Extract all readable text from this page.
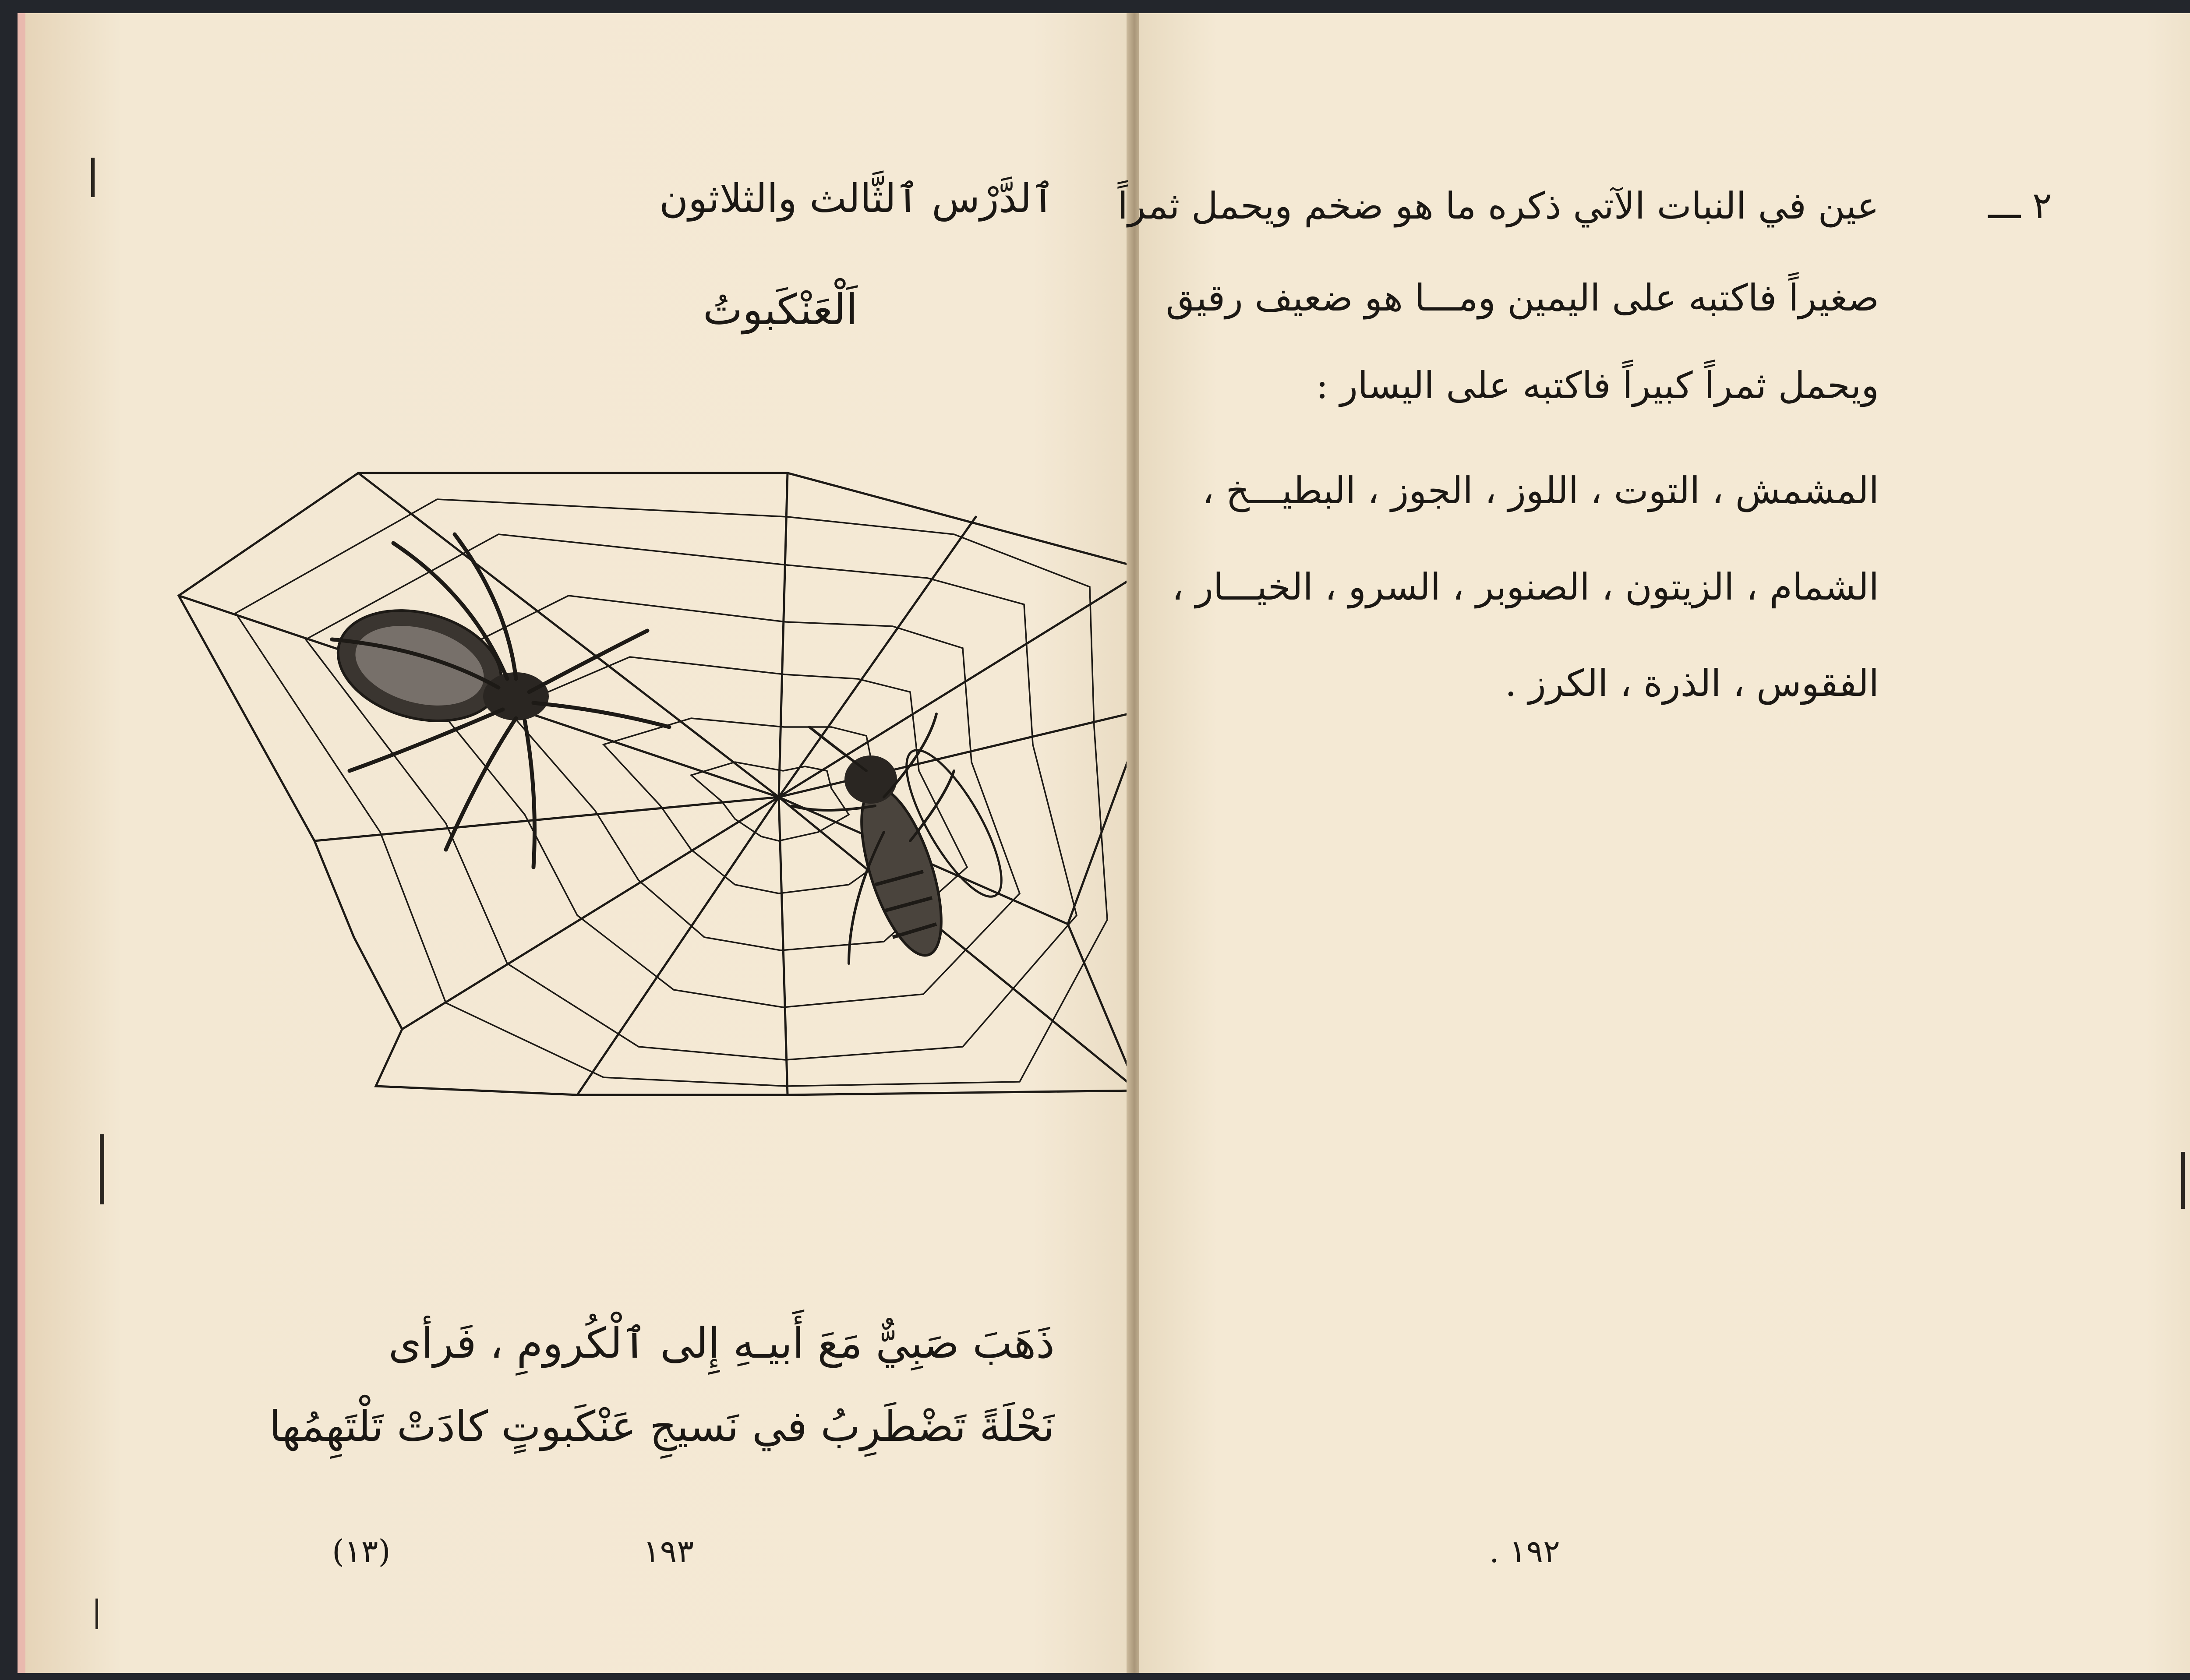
ٱلدَّرْس ٱلثَّالث والثلاثون
اَلْعَنْكَبوتُ
ذَهَبَ صَبِيٌّ مَعَ أَبيـهِ إِلى ٱلْكُرومِ ، فَرأى
نَحْلَةً تَضْطَرِبُ في نَسيجِ عَنْكَبوتٍ كادَتْ تَلْتَهِمُها
(١٣)	١٩٣
٢ ـــ
عين في النبات الآتي ذكره ما هو ضخم ويحمل ثمراً
صغيراً فاكتبه على اليمين ومـــا هو ضعيف رقيق
ويحمل ثمراً كبيراً فاكتبه على اليسار :
المشمش ، التوت ، اللوز ، الجوز ، البطيـــخ ،
الشمام ، الزيتون ، الصنوبر ، السرو ، الخيـــار ،
الفقوس ، الذرة ، الكرز .
١٩٢ .
